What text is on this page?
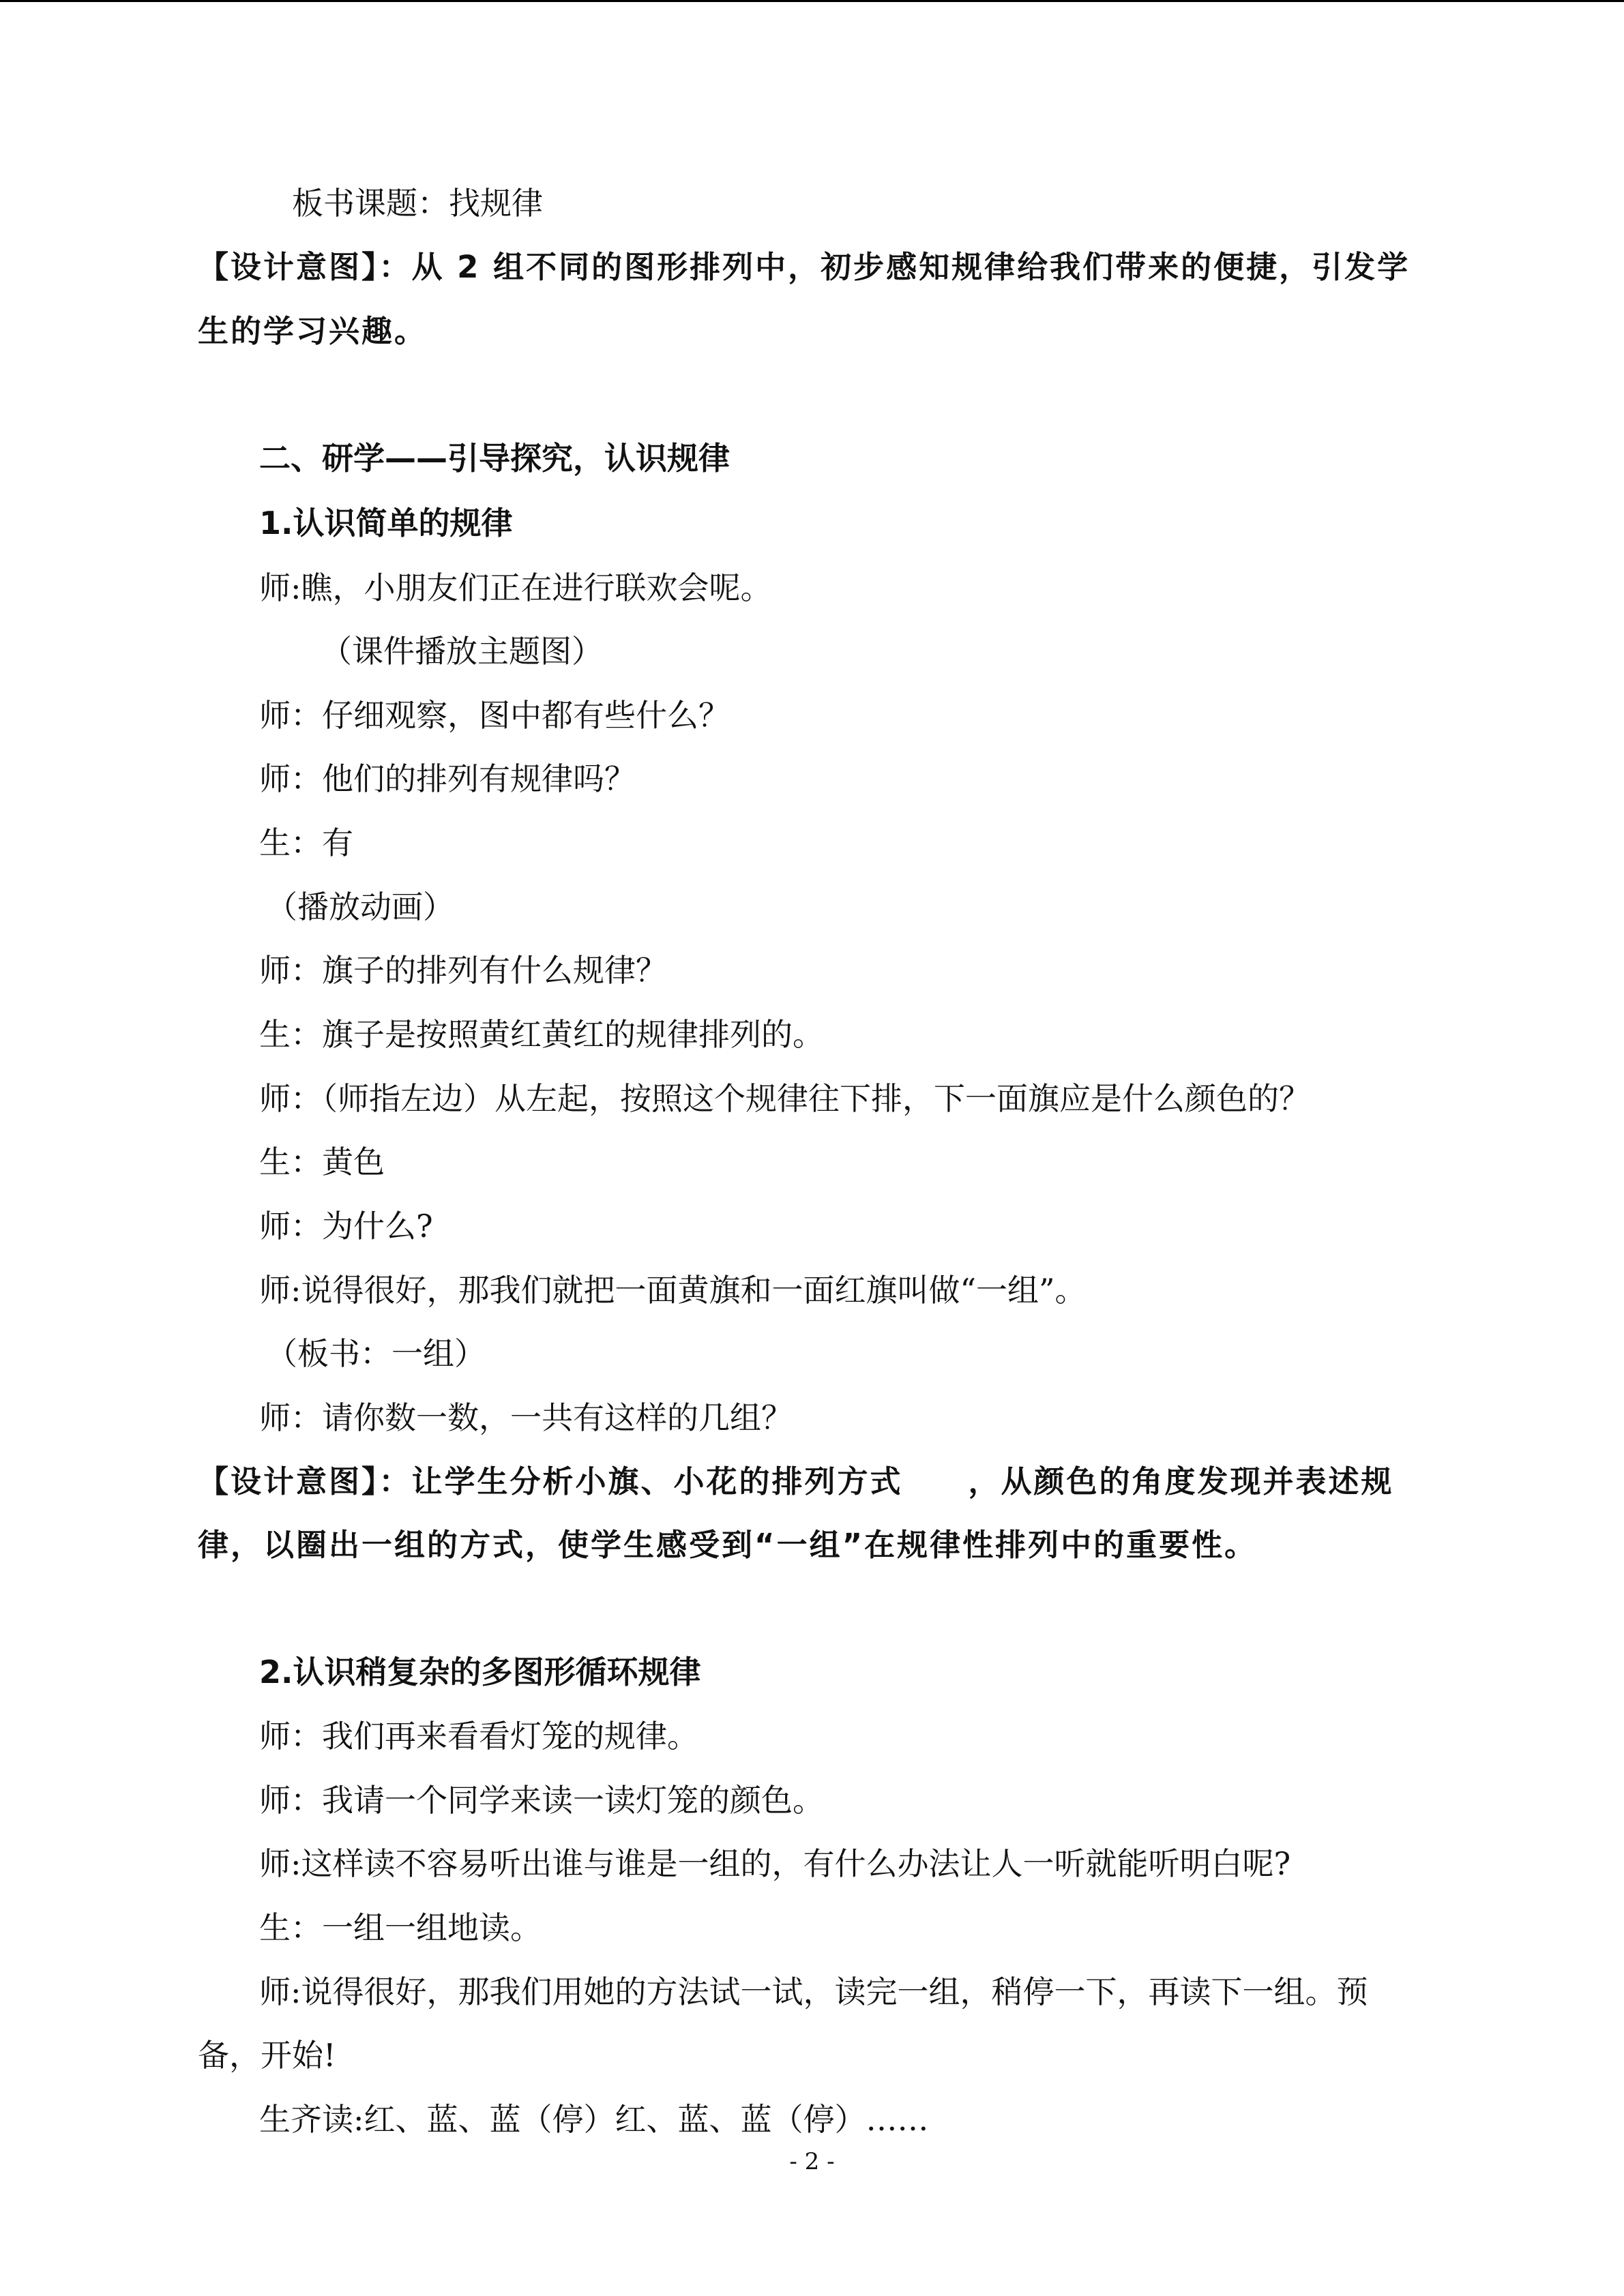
板书课题：找规律
【设计意图】：从 2 组不同的图形排列中，初步感知规律给我们带来的便捷，引发学
生的学习兴趣。
二、研学——引导探究，认识规律
1.认识简单的规律
师:瞧，小朋友们正在进行联欢会呢。
（课件播放主题图）
师：仔细观察，图中都有些什么？
师：他们的排列有规律吗？
生：有
（播放动画）
师：旗子的排列有什么规律？
生：旗子是按照黄红黄红的规律排列的。
师：（师指左边）从左起，按照这个规律往下排，下一面旗应是什么颜色的？
生：黄色
师：为什么?
师:说得很好，那我们就把一面黄旗和一面红旗叫做“一组”。
（板书：一组）
师：请你数一数，一共有这样的几组？
【设计意图】：让学生分析小旗、小花的排列方式　　，从颜色的角度发现并表述规
律，以圈出一组的方式，使学生感受到“一组”在规律性排列中的重要性。
2.认识稍复杂的多图形循环规律
师：我们再来看看灯笼的规律。
师：我请一个同学来读一读灯笼的颜色。
师:这样读不容易听出谁与谁是一组的，有什么办法让人一听就能听明白呢?
生：一组一组地读。
师:说得很好，那我们用她的方法试一试，读完一组，稍停一下，再读下一组。预
备，开始!
生齐读:红、蓝、蓝（停）红、蓝、蓝（停）……
- 2 -
